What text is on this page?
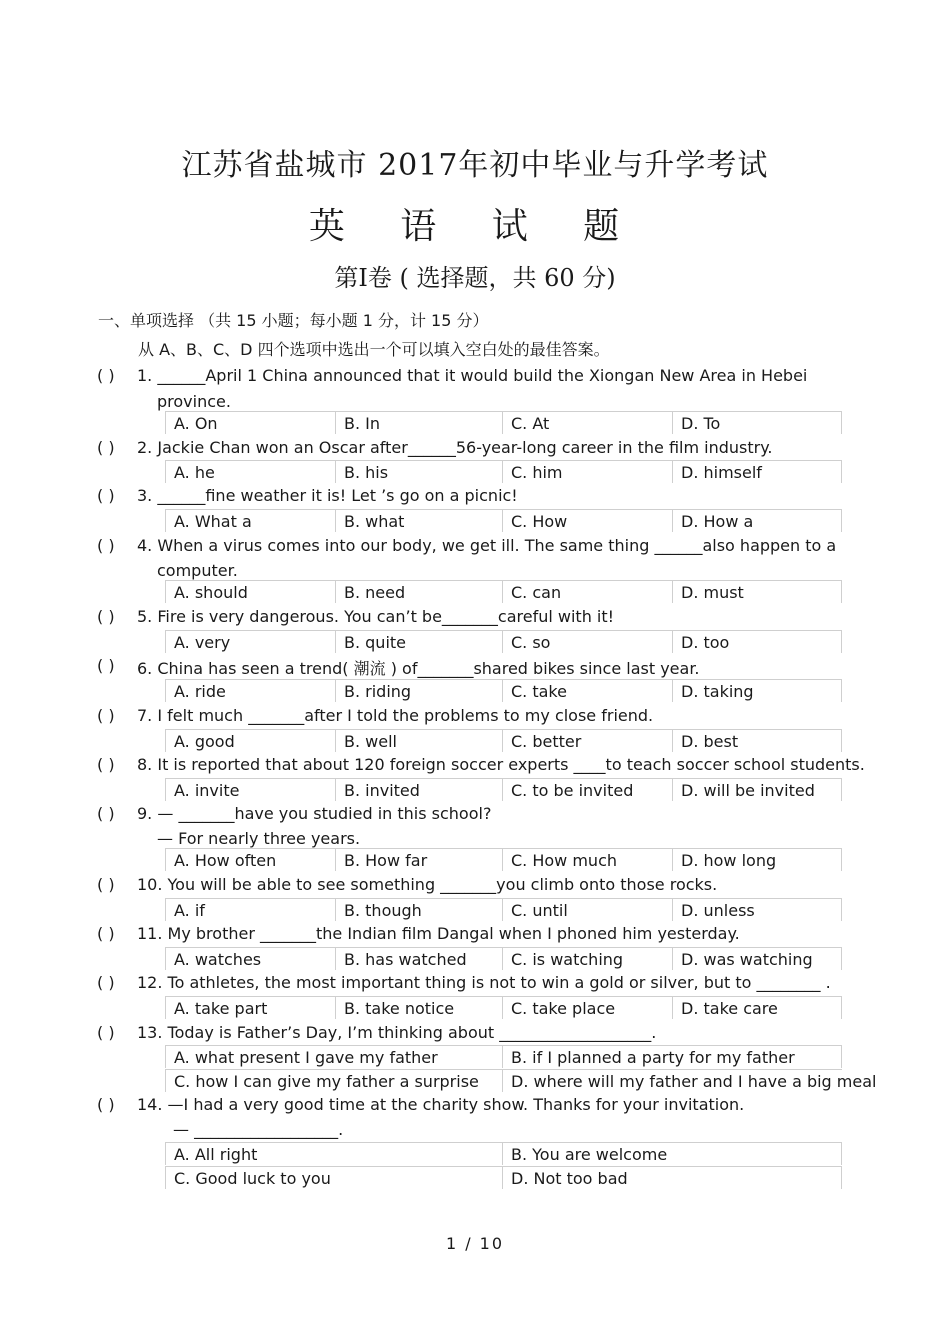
江苏省盐城市 2017年初中毕业与升学考试
英 语 试 题
第Ⅰ卷 ( 选择题，共 60 分)
一、单项选择 （共 15 小题；每小题 1 分，计 15 分）
从 A、B、C、D 四个选项中选出一个可以填入空白处的最佳答案。
( ) 1. ______April 1 China announced that it would build the Xiongan New Area in Hebei
province.
A. On	B. In	C. At	D. To
( ) 2. Jackie Chan won an Oscar after______56-year-long career in the film industry.
A. he	B. his	C. him	D. himself
( ) 3. ______fine weather it is! Let ’s go on a picnic!
A. What a	B. what	C. How	D. How a
( ) 4. When a virus comes into our body, we get ill. The same thing ______also happen to a
computer.
A. should	B. need	C. can	D. must
( ) 5. Fire is very dangerous. You can’t be_______careful with it!
A. very	B. quite	C. so	D. too
( ) 6. China has seen a trend( 潮流 ) of_______shared bikes since last year.
A. ride	B. riding	C. take	D. taking
( ) 7. I felt much _______after I told the problems to my close friend.
A. good	B. well	C. better	D. best
( ) 8. It is reported that about 120 foreign soccer experts ____to teach soccer school students.
A. invite	B. invited	C. to be invited	D. will be invited
( ) 9. — _______have you studied in this school?
— For nearly three years.
A. How often	B. How far	C. How much	D. how long
( ) 10. You will be able to see something _______you climb onto those rocks.
A. if	B. though	C. until	D. unless
( ) 11. My brother _______the Indian film Dangal when I phoned him yesterday.
A. watches	B. has watched	C. is watching	D. was watching
( ) 12. To athletes, the most important thing is not to win a gold or silver, but to ________ .
A. take part	B. take notice	C. take place	D. take care
( ) 13. Today is Father’s Day, I’m thinking about ___________________.
A. what present I gave my father	B. if I planned a party for my father
C. how I can give my father a surprise	D. where will my father and I have a big meal
( ) 14. —I had a very good time at the charity show. Thanks for your invitation.
— __________________.
A. All right	B. You are welcome
C. Good luck to you	D. Not too bad
1 / 10
